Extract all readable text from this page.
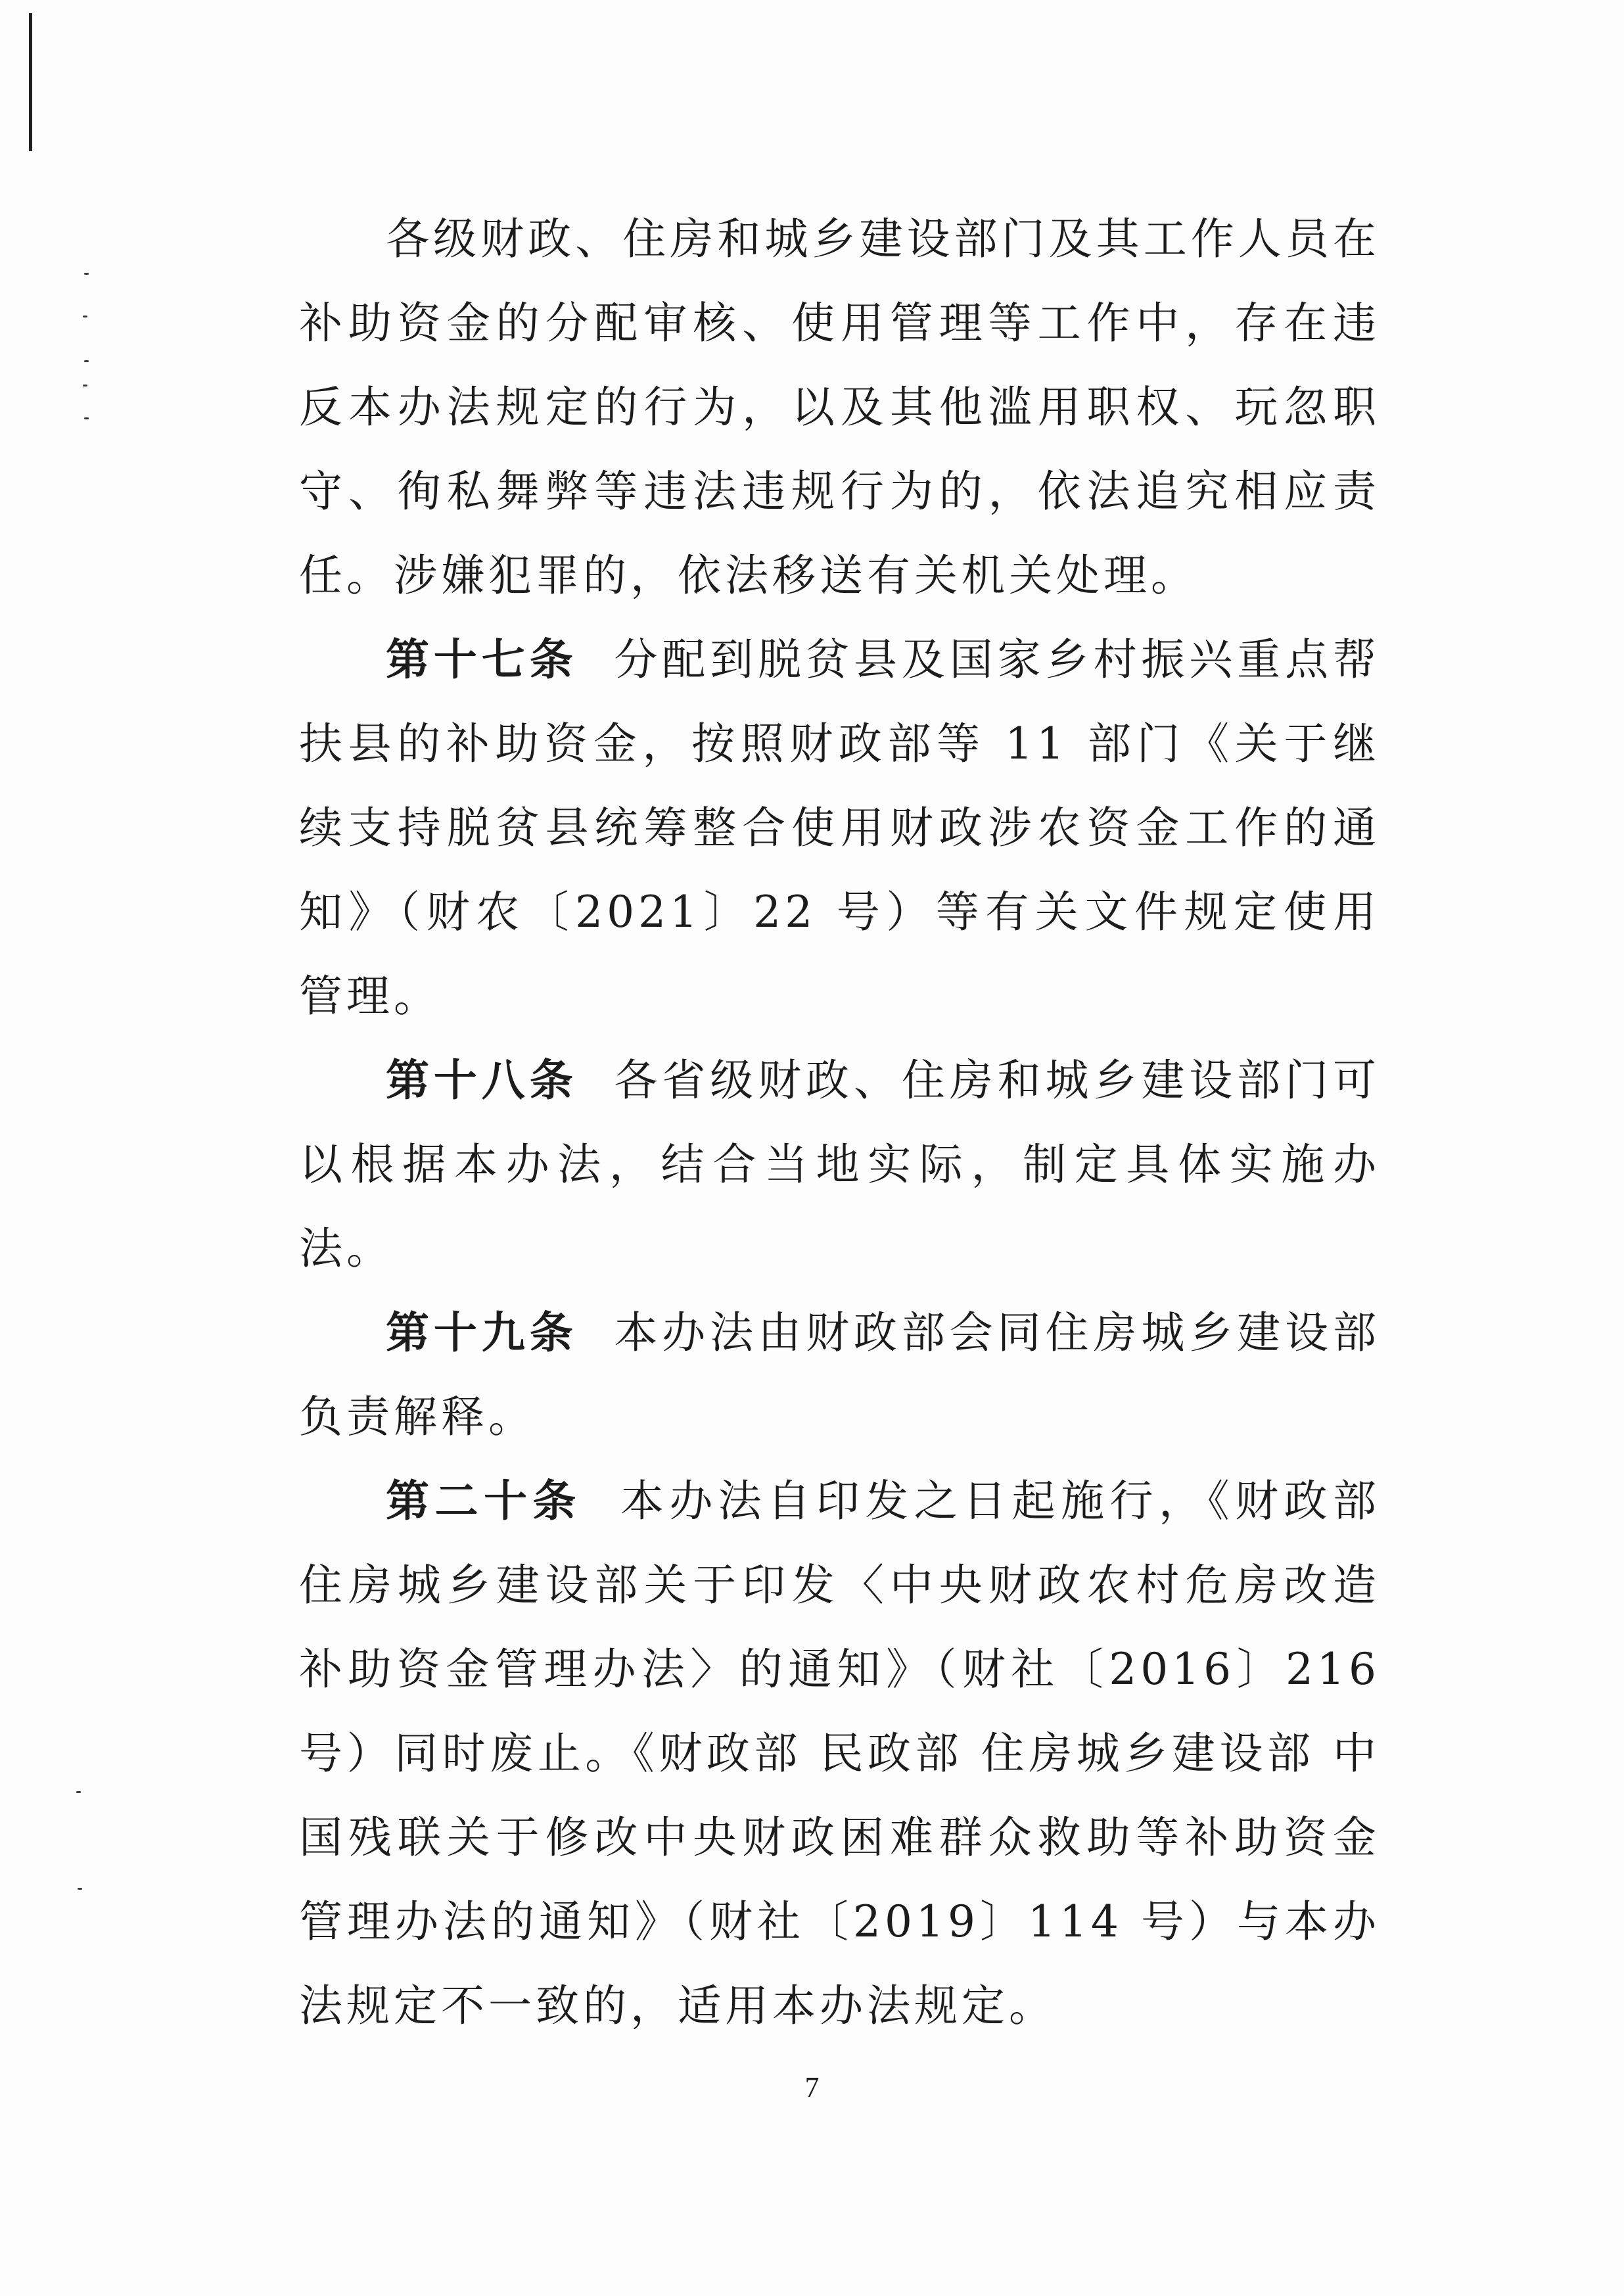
各级财政、住房和城乡建设部门及其工作人员在补助资金的分配审核、使用管理等工作中，存在违反本办法规定的行为，以及其他滥用职权、玩忽职守、徇私舞弊等违法违规行为的，依法追究相应责任。涉嫌犯罪的，依法移送有关机关处理。

第十七条 分配到脱贫县及国家乡村振兴重点帮扶县的补助资金，按照财政部等 11 部门《关于继续支持脱贫县统筹整合使用财政涉农资金工作的通知》（财农〔2021〕22 号）等有关文件规定使用管理。

第十八条 各省级财政、住房和城乡建设部门可以根据本办法，结合当地实际，制定具体实施办法。

第十九条 本办法由财政部会同住房城乡建设部负责解释。

第二十条 本办法自印发之日起施行，《财政部 住房城乡建设部关于印发〈中央财政农村危房改造补助资金管理办法〉的通知》（财社〔2016〕216 号）同时废止。《财政部 民政部 住房城乡建设部 中国残联关于修改中央财政困难群众救助等补助资金管理办法的通知》（财社〔2019〕114 号）与本办法规定不一致的，适用本办法规定。

7
